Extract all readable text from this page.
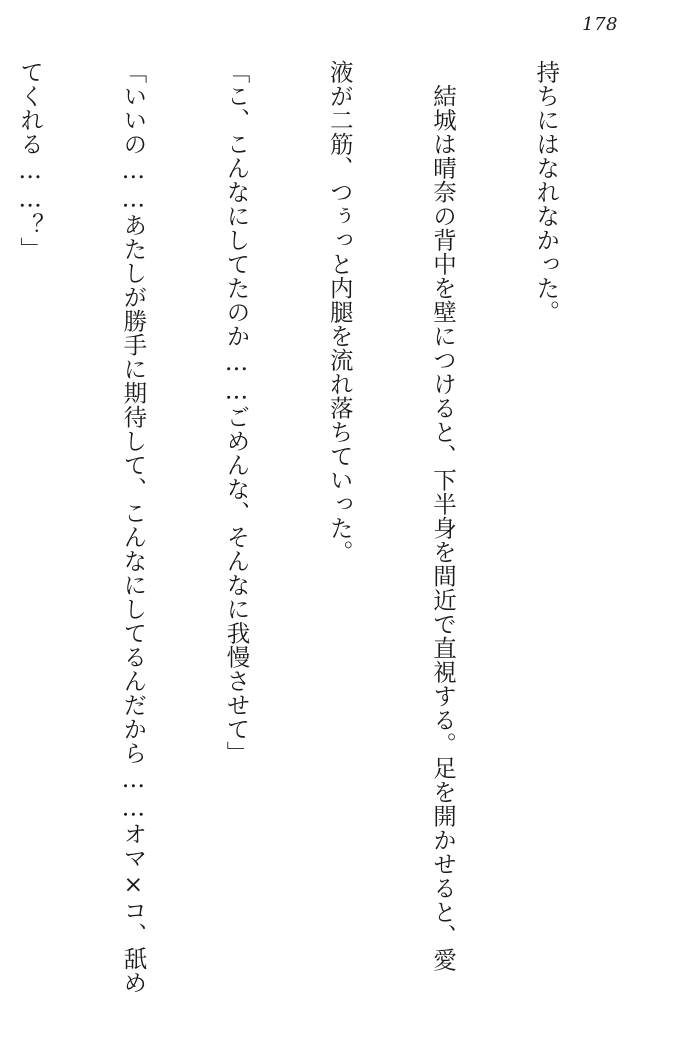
178

持ちにはなれなかった。

　結城は晴奈の背中を壁につけると、下半身を間近で直視する。足を開かせると、愛

液が二筋、つぅっと内腿を流れ落ちていった。

「こ、こんなにしてたのか……ごめんな、そんなに我慢させて」

「いいの……あたしが勝手に期待して、こんなにしてるんだから……オマ×コ、舐め

てくれる……？」
